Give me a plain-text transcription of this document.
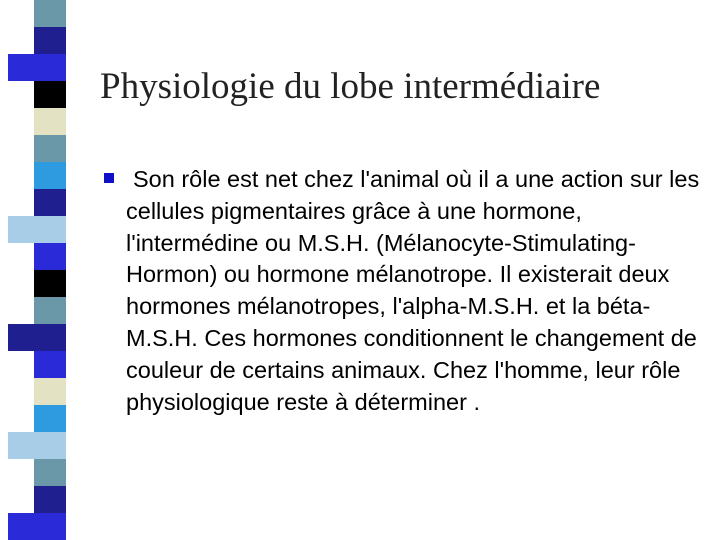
Physiologie du lobe intermédiaire
Son rôle est net chez l'animal où il a une action sur les cellules pigmentaires grâce à une hormone, l'intermédine ou M.S.H. (Mélanocyte-Stimulating- Hormon) ou hormone mélanotrope. Il existerait deux hormones mélanotropes, l'alpha-M.S.H. et la béta- M.S.H. Ces hormones conditionnent le changement de couleur de certains animaux. Chez l'homme, leur rôle physiologique reste à déterminer .
